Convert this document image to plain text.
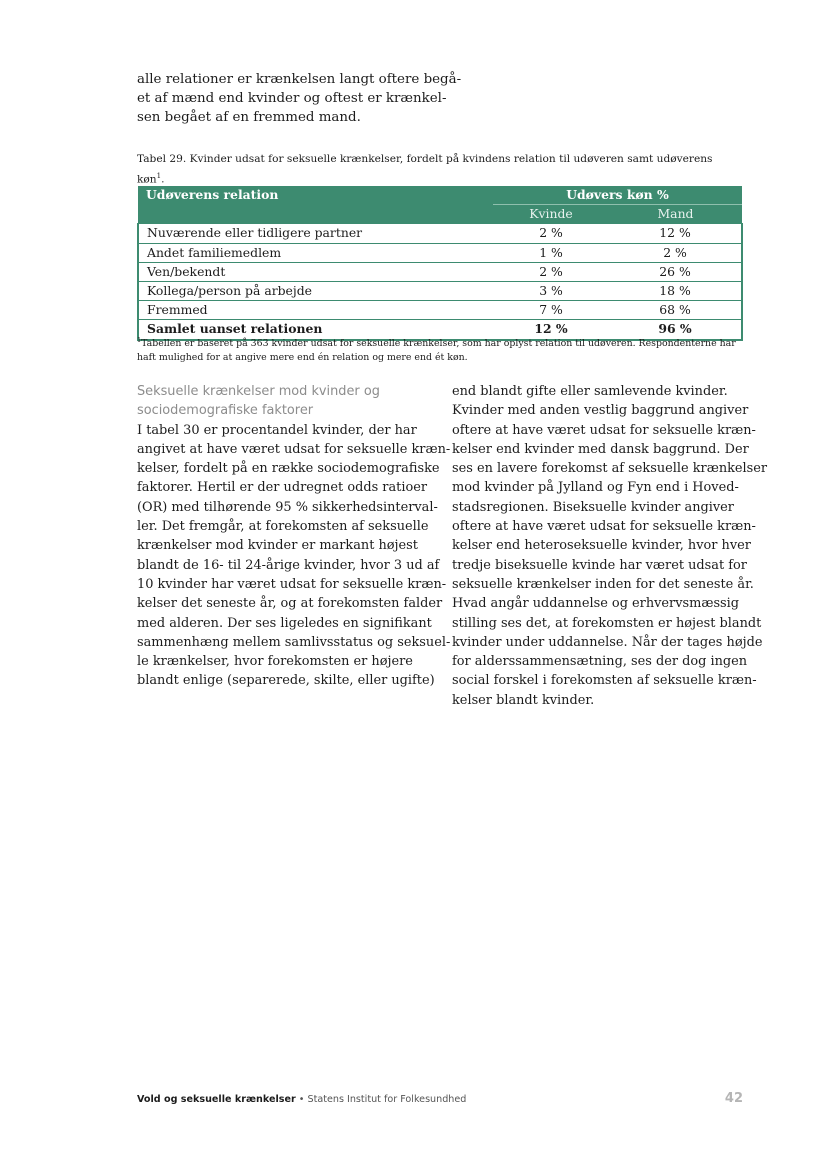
alle relationer er krænkelsen langt oftere begå-
et af mænd end kvinder og oftest er krænkel-
sen begået af en fremmed mand.
Tabel 29. Kvinder udsat for seksuelle krænkelser, fordelt på kvindens relation til udøveren samt udøverens køn$^1$.
Udøverens relation	Udøvers køn %	
	Kvinde	Mand
Nuværende eller tidligere partner	2 %	12 %
Andet familiemedlem	1 %	2 %
Ven/bekendt	2 %	26 %
Kollega/person på arbejde	3 %	18 %
Fremmed	7 %	68 %
Samlet uanset relationen	12 %	96 %
$^1$Tabellen er baseret på 363 kvinder udsat for seksuelle krænkelser, som har oplyst relation til udøveren. Respondenterne har haft mulighed for at angive mere end én relation og mere end ét køn.
Seksuelle krænkelser mod kvinder og
sociodemografiske faktorer
I tabel 30 er procentandel kvinder, der har
angivet at have været udsat for seksuelle kræn-
kelser, fordelt på en række sociodemografiske
faktorer. Hertil er der udregnet odds ratioer
(OR) med tilhørende 95 % sikkerhedsinterval-
ler. Det fremgår, at forekomsten af seksuelle
krænkelser mod kvinder er markant højest
blandt de 16- til 24-årige kvinder, hvor 3 ud af
10 kvinder har været udsat for seksuelle kræn-
kelser det seneste år, og at forekomsten falder
med alderen. Der ses ligeledes en signifikant
sammenhæng mellem samlivsstatus og seksuel-
le krænkelser, hvor forekomsten er højere
blandt enlige (separerede, skilte, eller ugifte)
end blandt gifte eller samlevende kvinder.
Kvinder med anden vestlig baggrund angiver
oftere at have været udsat for seksuelle kræn-
kelser end kvinder med dansk baggrund. Der
ses en lavere forekomst af seksuelle krænkelser
mod kvinder på Jylland og Fyn end i Hoved-
stadsregionen. Biseksuelle kvinder angiver
oftere at have været udsat for seksuelle kræn-
kelser end heteroseksuelle kvinder, hvor hver
tredje biseksuelle kvinde har været udsat for
seksuelle krænkelser inden for det seneste år.
Hvad angår uddannelse og erhvervsmæssig
stilling ses det, at forekomsten er højest blandt
kvinder under uddannelse. Når der tages højde
for alderssammensætning, ses der dog ingen
social forskel i forekomsten af seksuelle kræn-
kelser blandt kvinder.
Vold og seksuelle krænkelser • Statens Institut for Folkesundhed	42
